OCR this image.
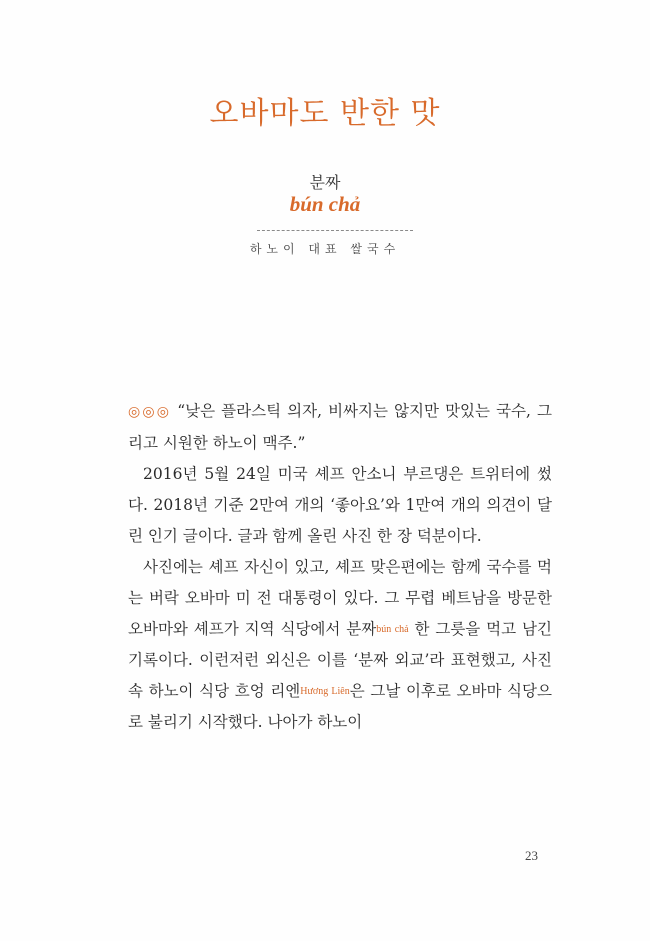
오바마도 반한 맛
분짜
bún chả
하노이 대표 쌀국수

◎◎◎ “낮은 플라스틱 의자, 비싸지는 않지만 맛있는 국수, 그리고 시원한 하노이 맥주.”

2016년 5월 24일 미국 셰프 안소니 부르댕은 트위터에 썼다. 2018년 기준 2만여 개의 ‘좋아요’와 1만여 개의 의견이 달린 인기 글이다. 글과 함께 올린 사진 한 장 덕분이다.

사진에는 셰프 자신이 있고, 셰프 맞은편에는 함께 국수를 먹는 버락 오바마 미 전 대통령이 있다. 그 무렵 베트남을 방문한 오바마와 셰프가 지역 식당에서 분짜bún chả 한 그릇을 먹고 남긴 기록이다. 이런저런 외신은 이를 ‘분짜 외교’라 표현했고, 사진 속 하노이 식당 흐엉 리엔Hương Liên은 그날 이후로 오바마 식당으로 불리기 시작했다. 나아가 하노이

23
